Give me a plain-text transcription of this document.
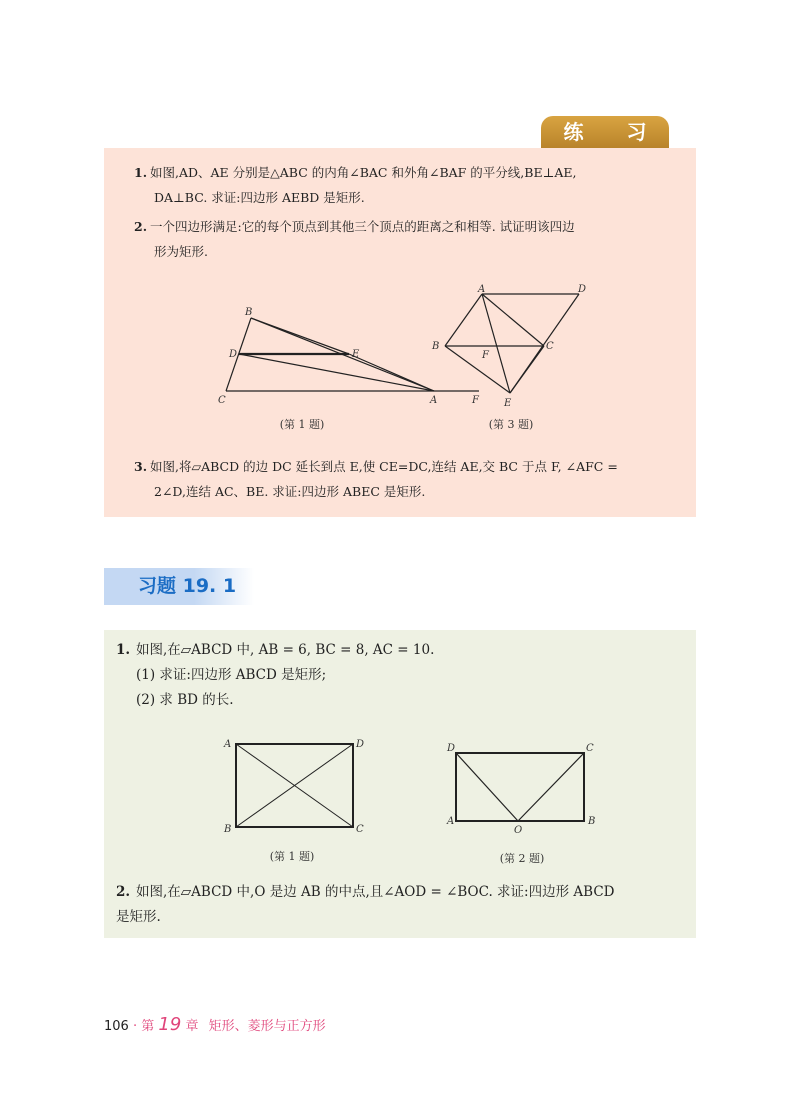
练 习
1. 如图,AD、AE 分别是△ABC 的内角∠BAC 和外角∠BAF 的平分线,BE⊥AE,
DA⊥BC. 求证:四边形 AEBD 是矩形.
2. 一个四边形满足:它的每个顶点到其他三个顶点的距离之和相等. 试证明该四边
形为矩形.
B
D	E
C	A	F
(第 1 题)
A	D
B
F
C
E
(第 3 题)
3. 如图,将▱ABCD 的边 DC 延长到点 E,使 CE=DC,连结 AE,交 BC 于点 F, ∠AFC =
2∠D,连结 AC、BE. 求证:四边形 ABEC 是矩形.
习题 19. 1
1. 如图,在▱ABCD 中, AB = 6, BC = 8, AC = 10.
(1) 求证:四边形 ABCD 是矩形;
(2) 求 BD 的长.
A	D
B	C
(第 1 题)
D	C
A
O
B
(第 2 题)
2. 如图,在▱ABCD 中,O 是边 AB 的中点,且∠AOD = ∠BOC. 求证:四边形 ABCD
是矩形.
106 · 第 19 章 矩形、菱形与正方形
